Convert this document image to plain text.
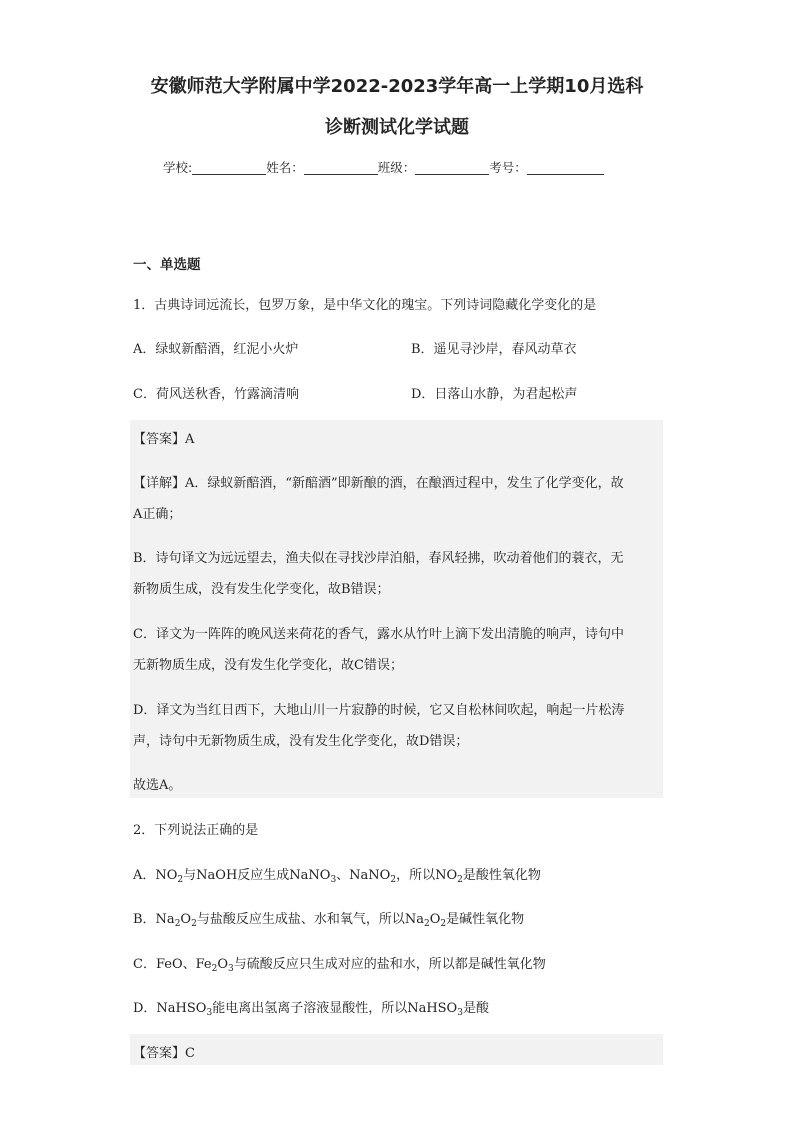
安徽师范大学附属中学2022-2023学年高一上学期10月选科
诊断测试化学试题
学校:	姓名：	班级：	考号：
一、单选题
1．古典诗词远流长，包罗万象，是中华文化的瑰宝。下列诗词隐藏化学变化的是
A．绿蚁新醅酒，红泥小火炉	B．遥见寻沙岸，春风动草衣
C．荷风送秋香，竹露滴清响	D．日落山水静，为君起松声
【答案】A
【详解】A．绿蚁新醅酒，“新醅酒”即新酿的酒，在酿酒过程中，发生了化学变化，故
A正确；
B．诗句译文为远远望去，渔夫似在寻找沙岸泊船，春风轻拂，吹动着他们的蓑衣，无
新物质生成，没有发生化学变化，故B错误；
C．译文为一阵阵的晚风送来荷花的香气，露水从竹叶上滴下发出清脆的响声，诗句中
无新物质生成，没有发生化学变化，故C错误；
D．译文为当红日西下，大地山川一片寂静的时候，它又自松林间吹起，响起一片松涛
声，诗句中无新物质生成，没有发生化学变化，故D错误；
故选A。
2．下列说法正确的是
A．$NO_2$与NaOH反应生成NaNO$_3$、NaNO$_2$，所以$NO_2$是酸性氧化物
B．$Na_2O_2$与盐酸反应生成盐、水和氧气，所以$Na_2O_2$是碱性氧化物
C．FeO、$Fe_2O_3$与硫酸反应只生成对应的盐和水，所以都是碱性氧化物
D．NaHSO$_3$能电离出氢离子溶液显酸性，所以NaHSO$_3$是酸
【答案】C
